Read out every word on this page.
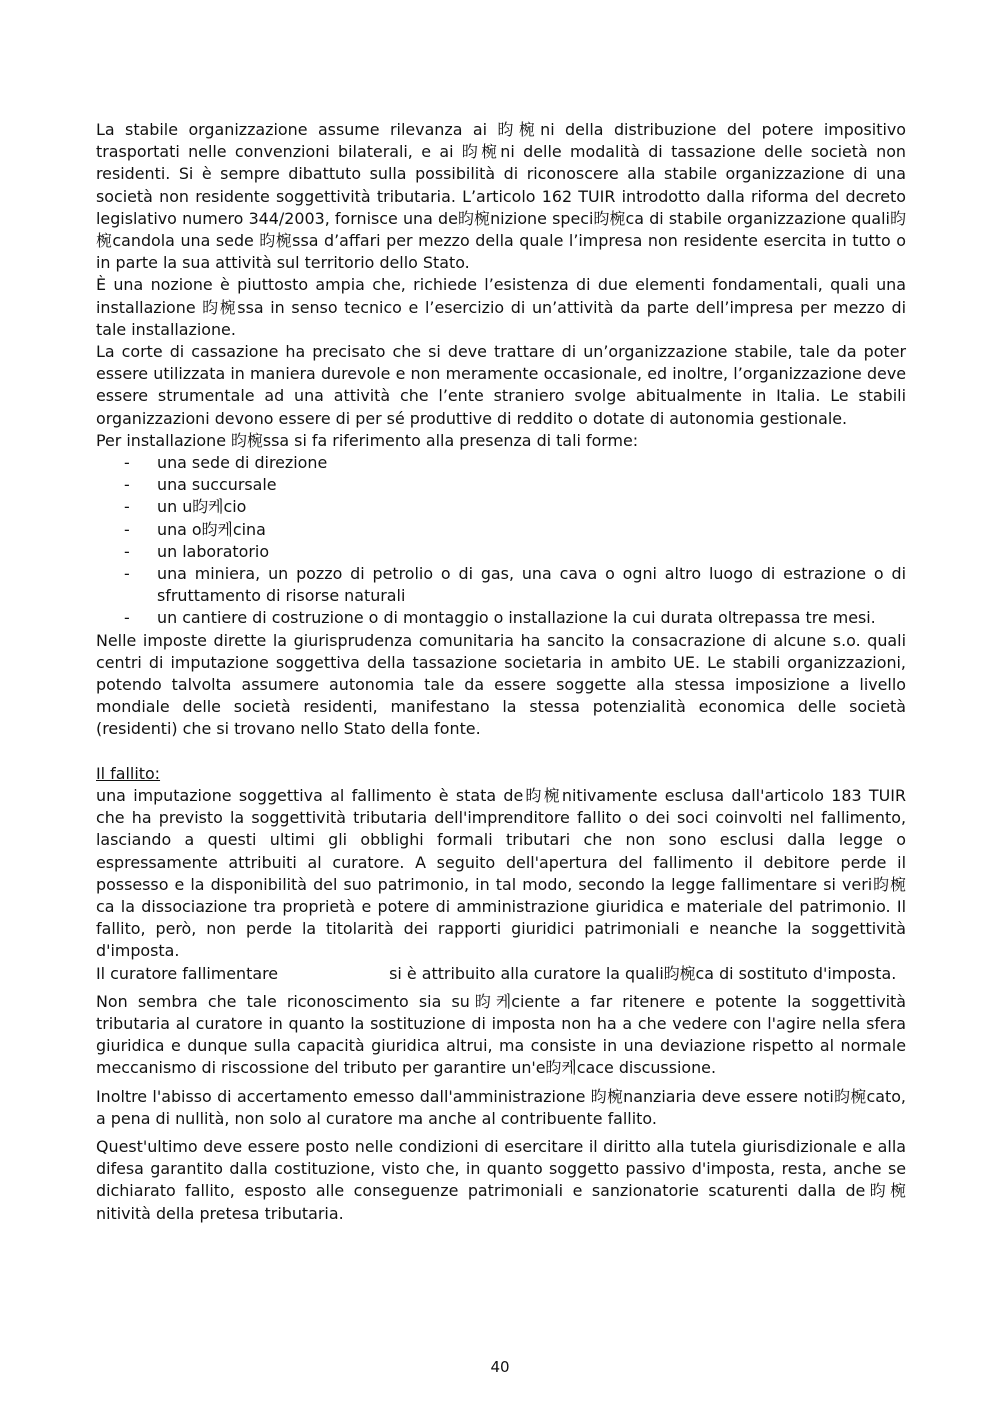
La stabile organizzazione assume rilevanza ai 昀椀ni della distribuzione del potere impositivo trasportati nelle convenzioni bilaterali, e ai 昀椀ni delle modalità di tassazione delle società non residenti. Si è sempre dibattuto sulla possibilità di riconoscere alla stabile organizzazione di una società non residente soggettività tributaria. L’articolo 162 TUIR introdotto dalla riforma del decreto legislativo numero 344/2003, fornisce una de昀椀nizione speci昀椀ca di stabile organizzazione quali昀椀candola una sede 昀椀ssa d’affari per mezzo della quale l’impresa non residente esercita in tutto o in parte la sua attività sul territorio dello Stato.

È una nozione è piuttosto ampia che, richiede l’esistenza di due elementi fondamentali, quali una installazione 昀椀ssa in senso tecnico e l’esercizio di un’attività da parte dell’impresa per mezzo di tale installazione.

La corte di cassazione ha precisato che si deve trattare di un’organizzazione stabile, tale da poter essere utilizzata in maniera durevole e non meramente occasionale, ed inoltre, l’organizzazione deve essere strumentale ad una attività che l’ente straniero svolge abitualmente in Italia. Le stabili organizzazioni devono essere di per sé produttive di reddito o dotate di autonomia gestionale.

Per installazione 昀椀ssa si fa riferimento alla presenza di tali forme:

- una sede di direzione
- una succursale
- un u昀케cio
- una o昀케cina
- un laboratorio
- una miniera, un pozzo di petrolio o di gas, una cava o ogni altro luogo di estrazione o di sfruttamento di risorse naturali
- un cantiere di costruzione o di montaggio o installazione la cui durata oltrepassa tre mesi.

Nelle imposte dirette la giurisprudenza comunitaria ha sancito la consacrazione di alcune s.o. quali centri di imputazione soggettiva della tassazione societaria in ambito UE. Le stabili organizzazioni, potendo talvolta assumere autonomia tale da essere soggette alla stessa imposizione a livello mondiale delle società residenti, manifestano la stessa potenzialità economica delle società (residenti) che si trovano nello Stato della fonte.

Il fallito:

una imputazione soggettiva al fallimento è stata de昀椀nitivamente esclusa dall'articolo 183 TUIR che ha previsto la soggettività tributaria dell'imprenditore fallito o dei soci coinvolti nel fallimento, lasciando a questi ultimi gli obblighi formali tributari che non sono esclusi dalla legge o espressamente attribuiti al curatore. A seguito dell'apertura del fallimento il debitore perde il possesso e la disponibilità del suo patrimonio, in tal modo, secondo la legge fallimentare si veri昀椀ca la dissociazione tra proprietà e potere di amministrazione giuridica e materiale del patrimonio. Il fallito, però, non perde la titolarità dei rapporti giuridici patrimoniali e neanche la soggettività d'imposta.

Il curatore fallimentare                      si è attribuito alla curatore la quali昀椀ca di sostituto d'imposta.

Non sembra che tale riconoscimento sia su昀케ciente a far ritenere e potente la soggettività tributaria al curatore in quanto la sostituzione di imposta non ha a che vedere con l'agire nella sfera giuridica e dunque sulla capacità giuridica altrui, ma consiste in una deviazione rispetto al normale meccanismo di riscossione del tributo per garantire un'e昀케cace discussione.

Inoltre l'abisso di accertamento emesso dall'amministrazione 昀椀nanziaria deve essere noti昀椀cato, a pena di nullità, non solo al curatore ma anche al contribuente fallito.

Quest'ultimo deve essere posto nelle condizioni di esercitare il diritto alla tutela giurisdizionale e alla difesa garantito dalla costituzione, visto che, in quanto soggetto passivo d'imposta, resta, anche se dichiarato fallito, esposto alle conseguenze patrimoniali e sanzionatorie scaturenti dalla de昀椀nitività della pretesa tributaria.

40
